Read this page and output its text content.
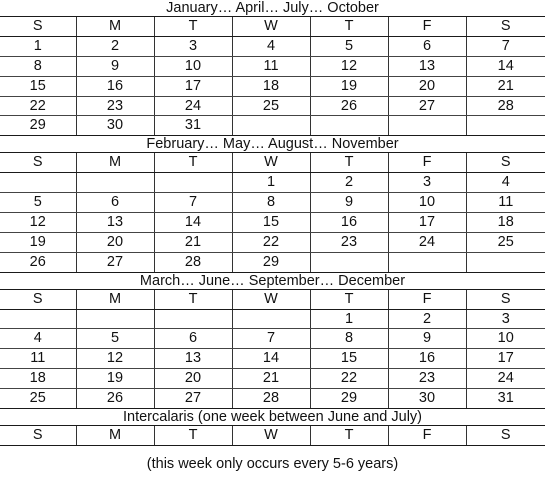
January… April… July… October
S	M	T	W	T	F	S
1	2	3	4	5	6	7
8	9	10	11	12	13	14
15	16	17	18	19	20	21
22	23	24	25	26	27	28
29	30	31				
February… May… August… November
S	M	T	W	T	F	S
			1	2	3	4
5	6	7	8	9	10	11
12	13	14	15	16	17	18
19	20	21	22	23	24	25
26	27	28	29			
March… June… September… December
S	M	T	W	T	F	S
				1	2	3
4	5	6	7	8	9	10
11	12	13	14	15	16	17
18	19	20	21	22	23	24
25	26	27	28	29	30	31
Intercalaris (one week between June and July)
S	M	T	W	T	F	S
(this week only occurs every 5-6 years)
